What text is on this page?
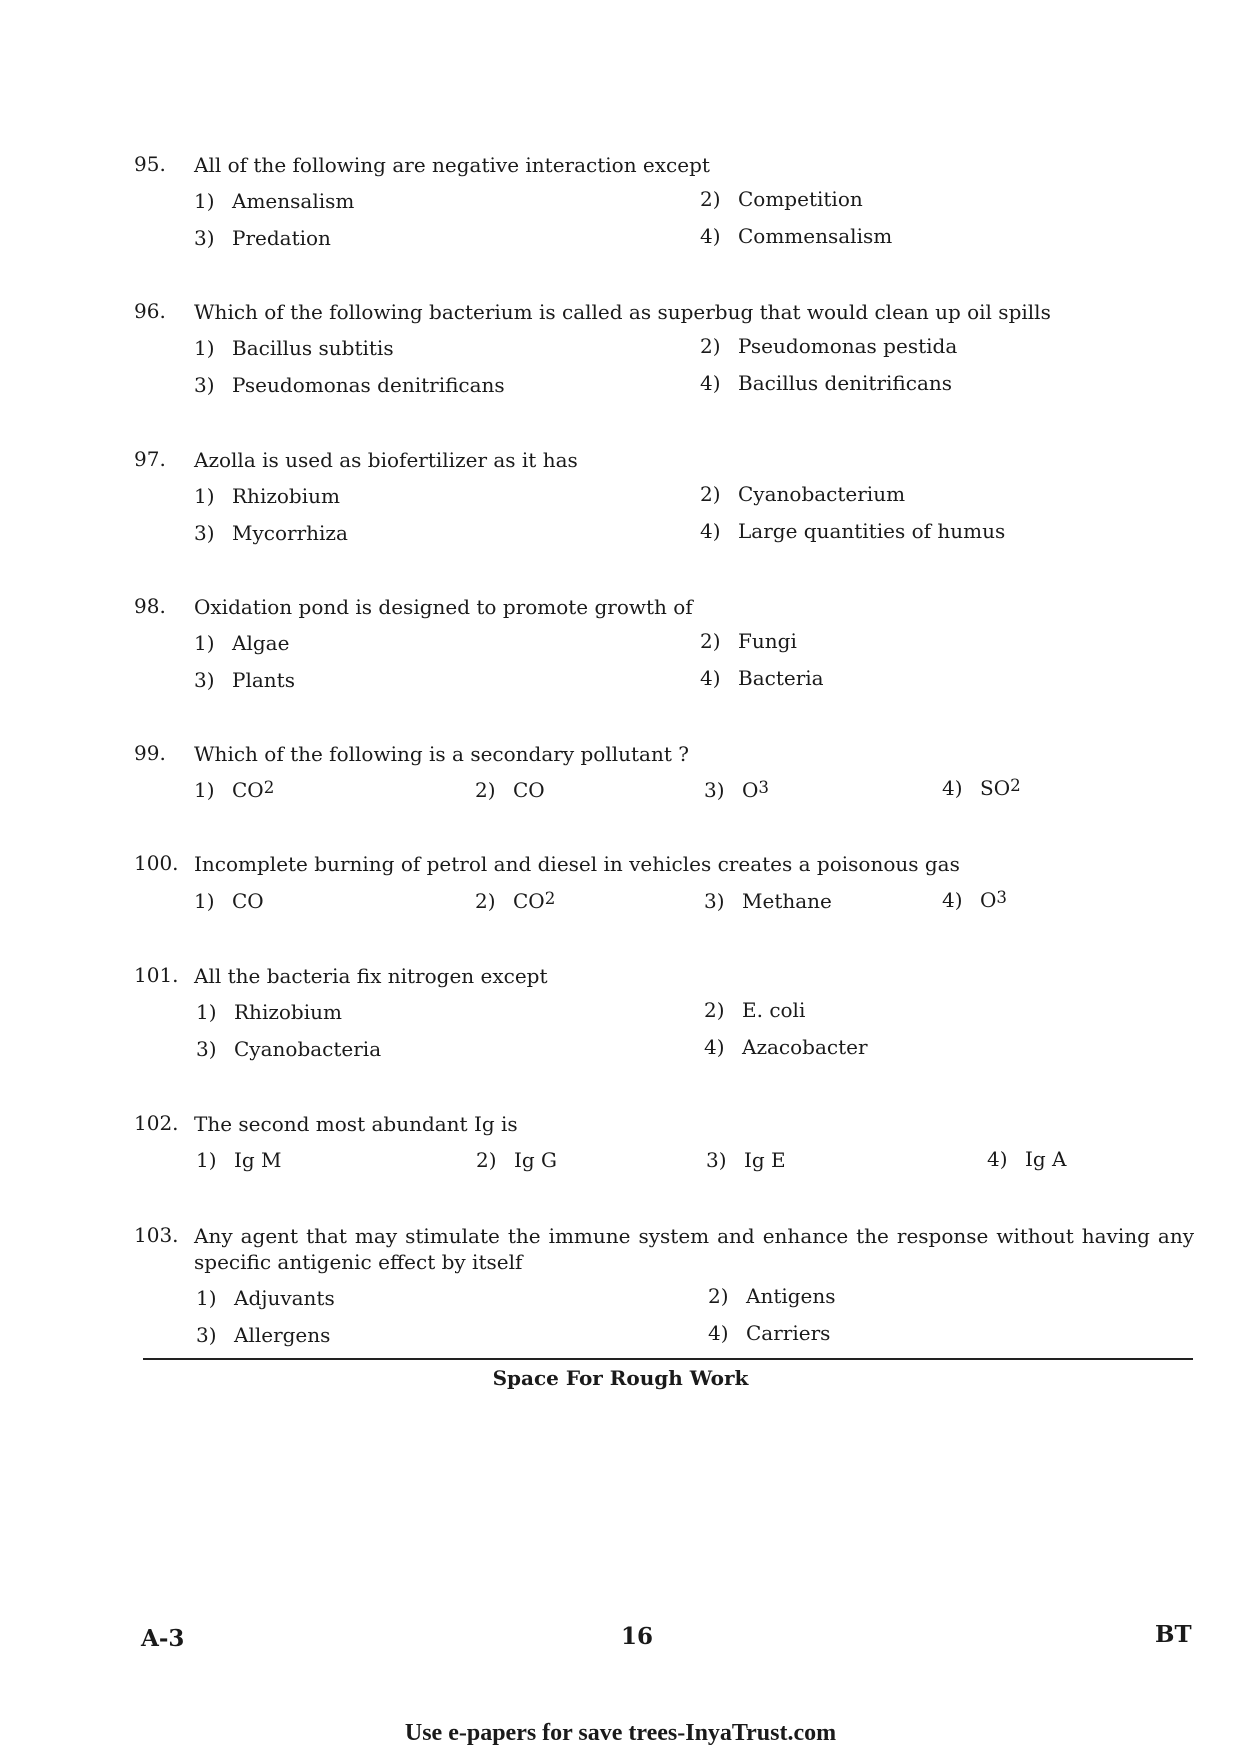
95.	All of the following are negative interaction except
1) Amensalism	2) Competition
3) Predation	4) Commensalism
96.	Which of the following bacterium is called as superbug that would clean up oil spills
1) Bacillus subtitis	2) Pseudomonas pestida
3) Pseudomonas denitrificans	4) Bacillus denitrificans
97.	Azolla is used as biofertilizer as it has
1) Rhizobium	2) Cyanobacterium
3) Mycorrhiza	4) Large quantities of humus
98.	Oxidation pond is designed to promote growth of
1) Algae	2) Fungi
3) Plants	4) Bacteria
99.	Which of the following is a secondary pollutant ?
1) CO 2	2) CO	3) O 3	4) SO 2
100. Incomplete burning of petrol and diesel in vehicles creates a poisonous gas
1) CO	2) CO 2	3) Methane	4) O 3
101. All the bacteria fix nitrogen except
1) Rhizobium	2) E. coli
3) Cyanobacteria	4) Azacobacter
102. The second most abundant Ig is
1) Ig M	2) Ig G	3) Ig E	4) Ig A
103. Any agent that may stimulate the immune system and enhance the response without having any specific antigenic effect by itself
1) Adjuvants	2) Antigens
3) Allergens	4) Carriers
Space For Rough Work
A-3	16	BT
Use e-papers for save trees-InyaTrust.com
